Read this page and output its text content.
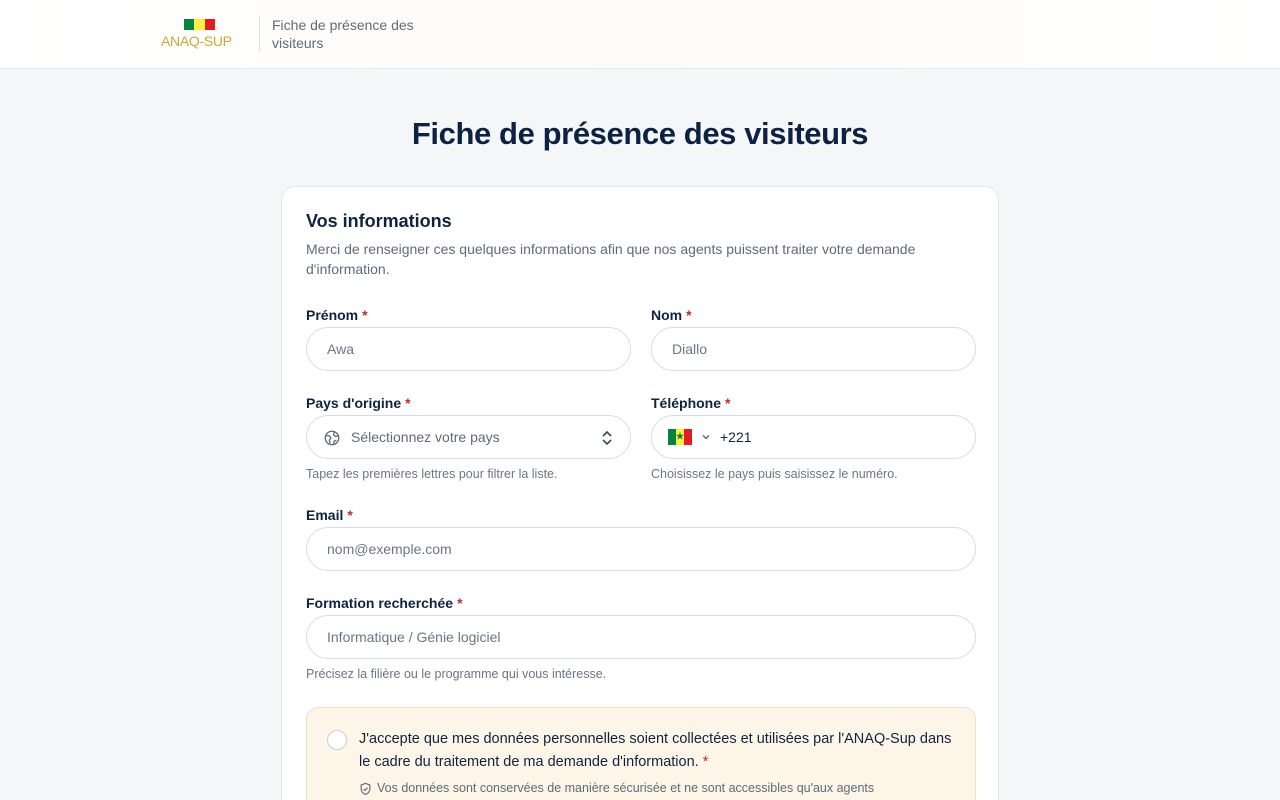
ANAQ-SUP
Fiche de présence des visiteurs
Fiche de présence des visiteurs
Vos informations

Merci de renseigner ces quelques informations afin que nos agents puissent traiter votre demande d'information.

Prénom *
Awa	Nom *
Diallo
Pays d'origine *
Sélectionnez votre pays
Tapez les premières lettres pour filtrer la liste.
Téléphone *
+221
Choisissez le pays puis saisissez le numéro.
Email *
nom@exemple.com
Formation recherchée *
Informatique / Génie logiciel
Précisez la filière ou le programme qui vous intéresse.
J'accepte que mes données personnelles soient collectées et utilisées par l'ANAQ-Sup dans le cadre du traitement de ma demande d'information. *
Vos données sont conservées de manière sécurisée et ne sont accessibles qu'aux agents
